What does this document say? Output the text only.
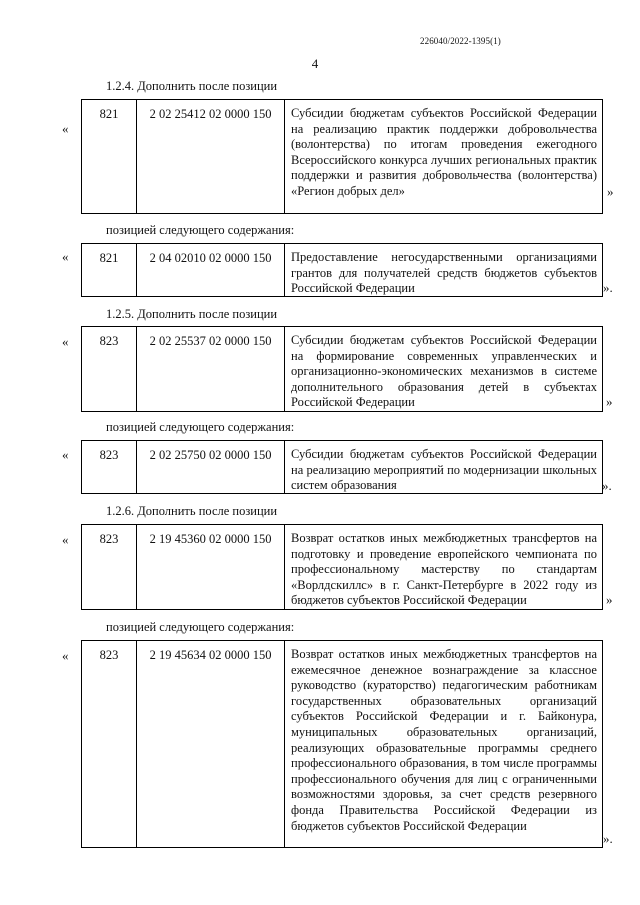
226040/2022-1395(1)
4
1.2.4. Дополнить после позиции
«
821	2 02 25412 02 0000 150	Субсидии бюджетам субъектов Российской Федерации на реализацию практик поддержки добровольчества (волонтерства) по итогам проведения ежегодного Всероссийского конкурса лучших региональных практик поддержки и развития добровольчества (волонтерства) «Регион добрых дел»	»
позицией следующего содержания:
«	821	2 04 02010 02 0000 150	Предоставление негосударственными организациями грантов для получателей средств бюджетов субъектов Российской Федерации	».
1.2.5. Дополнить после позиции
«	823	2 02 25537 02 0000 150	Субсидии бюджетам субъектов Российской Федерации на формирование современных управленческих и организационно-экономических механизмов в системе дополнительного образования детей в субъектах Российской Федерации	»
позицией следующего содержания:
«	823	2 02 25750 02 0000 150	Субсидии бюджетам субъектов Российской Федерации на реализацию мероприятий по модернизации школьных систем образования	».
1.2.6. Дополнить после позиции
«	823	2 19 45360 02 0000 150	Возврат остатков иных межбюджетных трансфертов на подготовку и проведение европейского чемпионата по профессиональному мастерству по стандартам «Ворлдскиллс» в г. Санкт-Петербурге в 2022 году из бюджетов субъектов Российской Федерации	»
позицией следующего содержания:
«	823	2 19 45634 02 0000 150	Возврат остатков иных межбюджетных трансфертов на ежемесячное денежное вознаграждение за классное руководство (кураторство) педагогическим работникам государственных образовательных организаций субъектов Российской Федерации и г. Байконура, муниципальных образовательных организаций, реализующих образовательные программы среднего профессионального образования, в том числе программы профессионального обучения для лиц с ограниченными возможностями здоровья, за счет средств резервного фонда Правительства Российской Федерации из бюджетов субъектов Российской Федерации
».
